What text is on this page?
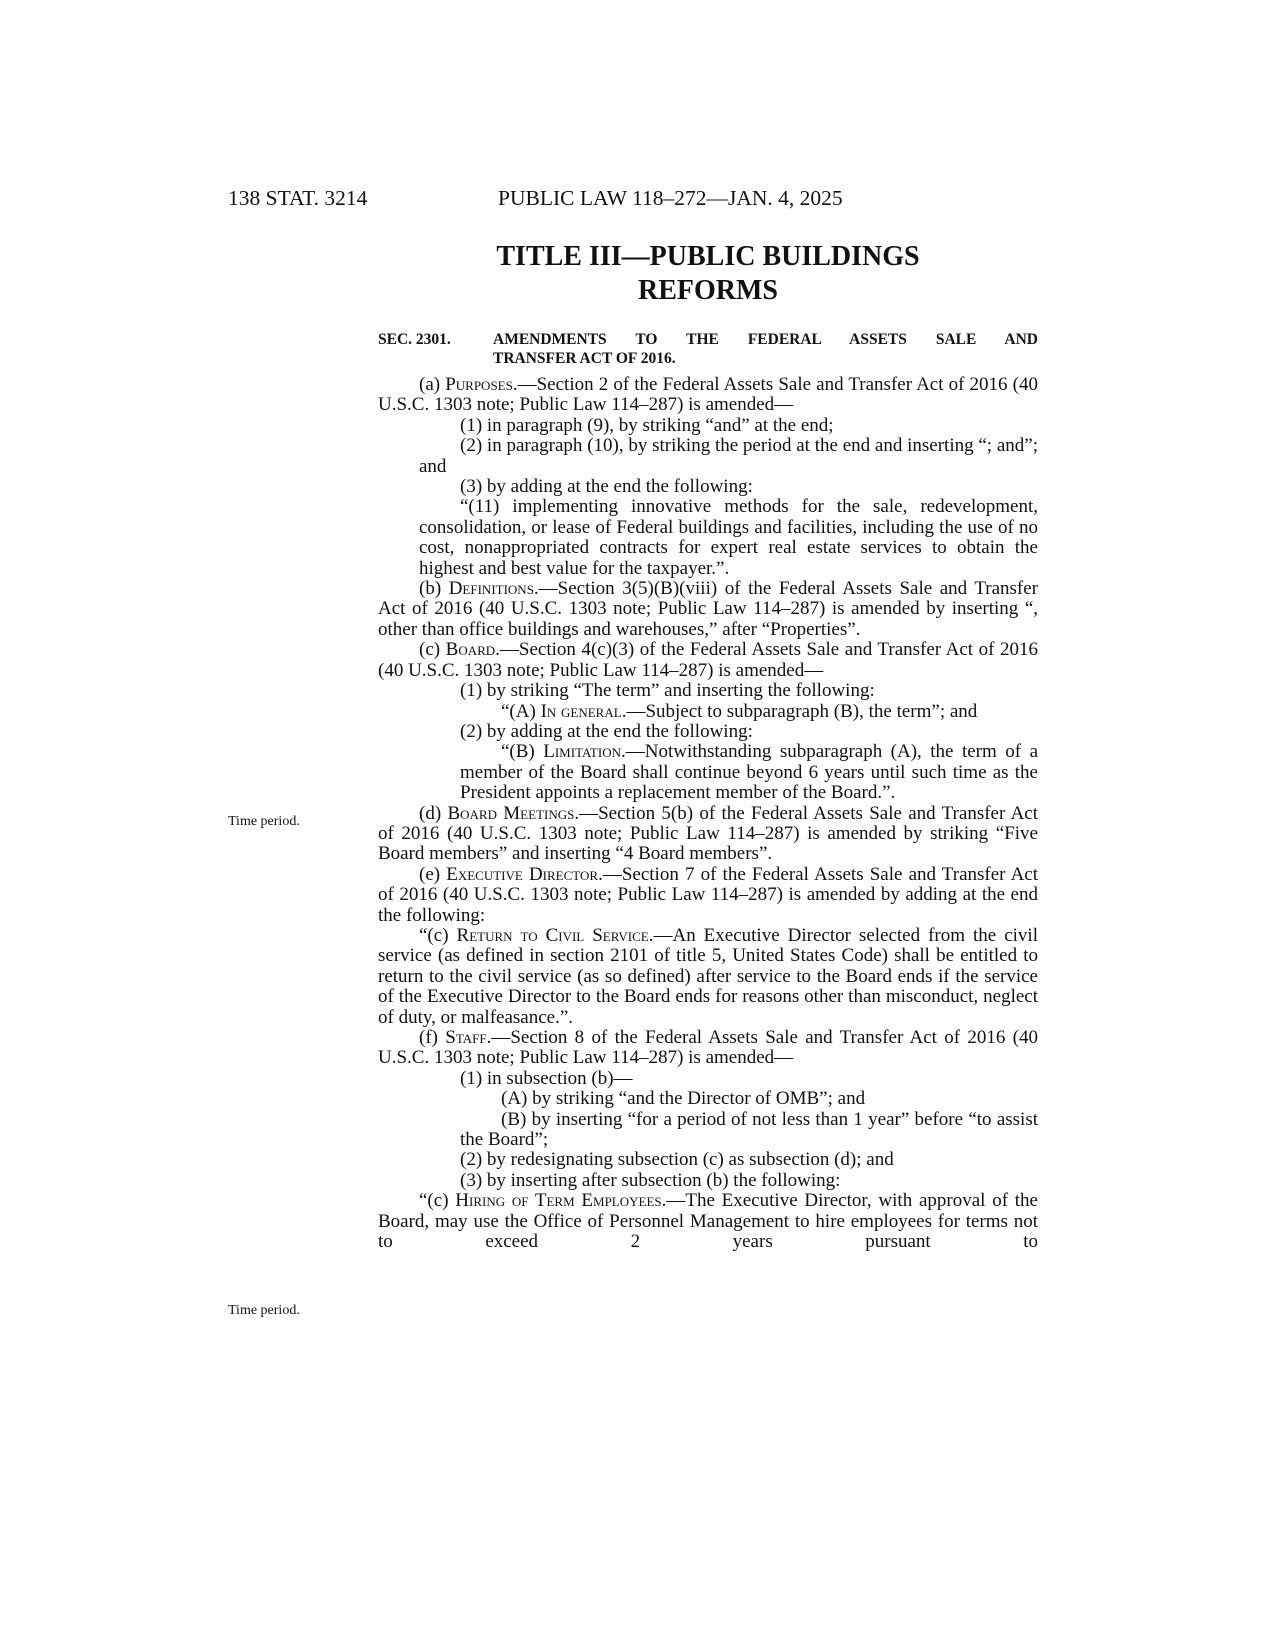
138 STAT. 3214	PUBLIC LAW 118–272—JAN. 4, 2025
TITLE III—PUBLIC BUILDINGS
REFORMS
SEC. 2301.	AMENDMENTS TO THE FEDERAL ASSETS SALE AND
TRANSFER ACT OF 2016.
Time period.
Time period.

(a) Purposes.—Section 2 of the Federal Assets Sale and Transfer Act of 2016 (40 U.S.C. 1303 note; Public Law 114–287) is amended—

(1) in paragraph (9), by striking “and” at the end;

(2) in paragraph (10), by striking the period at the end and inserting “; and”; and

(3) by adding at the end the following:

“(11) implementing innovative methods for the sale, redevelopment, consolidation, or lease of Federal buildings and facilities, including the use of no cost, nonappropriated contracts for expert real estate services to obtain the highest and best value for the taxpayer.”.

(b) Definitions.—Section 3(5)(B)(viii) of the Federal Assets Sale and Transfer Act of 2016 (40 U.S.C. 1303 note; Public Law 114–287) is amended by inserting “, other than office buildings and warehouses,” after “Properties”.

(c) Board.—Section 4(c)(3) of the Federal Assets Sale and Transfer Act of 2016 (40 U.S.C. 1303 note; Public Law 114–287) is amended—

(1) by striking “The term” and inserting the following:

“(A) In general.—Subject to subparagraph (B), the term”; and

(2) by adding at the end the following:

“(B) Limitation.—Notwithstanding subparagraph (A), the term of a member of the Board shall continue beyond 6 years until such time as the President appoints a replacement member of the Board.”.

(d) Board Meetings.—Section 5(b) of the Federal Assets Sale and Transfer Act of 2016 (40 U.S.C. 1303 note; Public Law 114–287) is amended by striking “Five Board members” and inserting “4 Board members”.

(e) Executive Director.—Section 7 of the Federal Assets Sale and Transfer Act of 2016 (40 U.S.C. 1303 note; Public Law 114–287) is amended by adding at the end the following:

“(c) Return to Civil Service.—An Executive Director selected from the civil service (as defined in section 2101 of title 5, United States Code) shall be entitled to return to the civil service (as so defined) after service to the Board ends if the service of the Executive Director to the Board ends for reasons other than misconduct, neglect of duty, or malfeasance.”.

(f) Staff.—Section 8 of the Federal Assets Sale and Transfer Act of 2016 (40 U.S.C. 1303 note; Public Law 114–287) is amended—

(1) in subsection (b)—

(A) by striking “and the Director of OMB”; and

(B) by inserting “for a period of not less than 1 year” before “to assist the Board”;

(2) by redesignating subsection (c) as subsection (d); and

(3) by inserting after subsection (b) the following:

“(c) Hiring of Term Employees.—The Executive Director, with approval of the Board, may use the Office of Personnel Management to hire employees for terms not to exceed 2 years pursuant to
